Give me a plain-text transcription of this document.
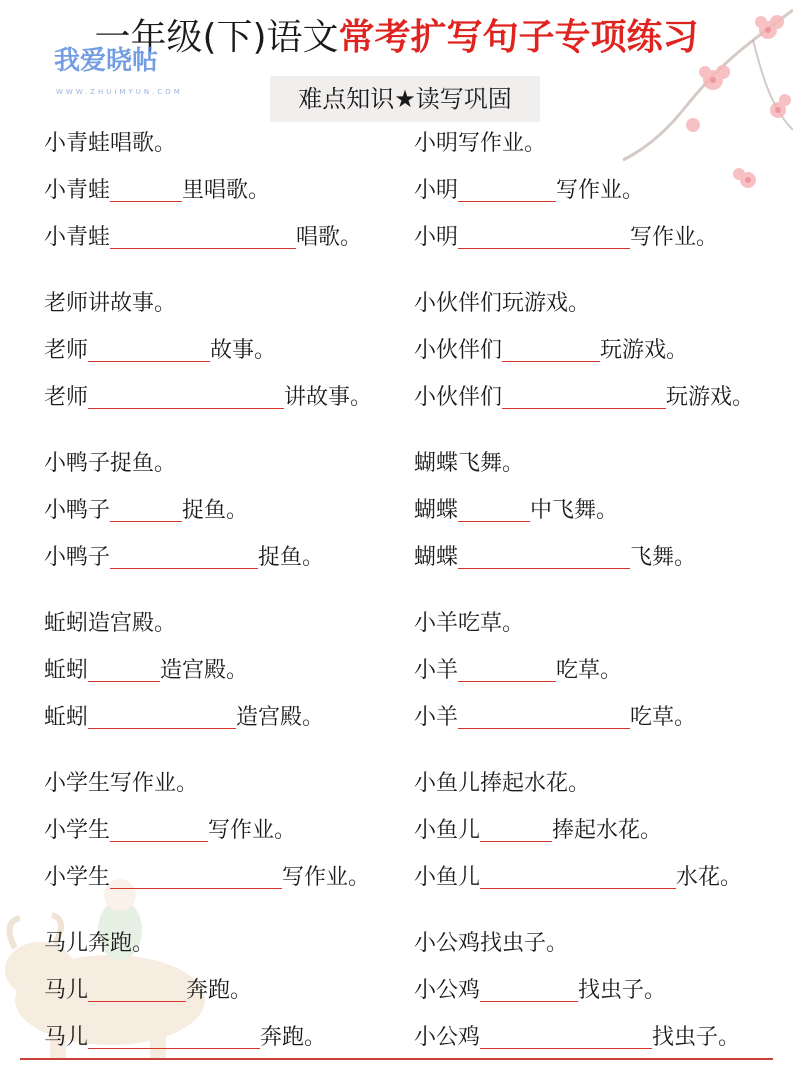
一年级(下)语文常考扩写句子专项练习
我爱晓帖
WWW.ZHUIMYUN.COM	难点知识★读写巩固
小青蛙唱歌。
小青蛙	里唱歌。
小青蛙	唱歌。
老师讲故事。
老师	故事。
老师	讲故事。
小鸭子捉鱼。
小鸭子	捉鱼。
小鸭子	捉鱼。
蚯蚓造宫殿。
蚯蚓	造宫殿。
蚯蚓	造宫殿。
小学生写作业。
小学生	写作业。
小学生	写作业。
马儿奔跑。
马儿	奔跑。
马儿	奔跑。
小明写作业。
小明	写作业。
小明	写作业。
小伙伴们玩游戏。
小伙伴们	玩游戏。
小伙伴们	玩游戏。
蝴蝶飞舞。
蝴蝶	中飞舞。
蝴蝶	飞舞。
小羊吃草。
小羊	吃草。
小羊	吃草。
小鱼儿捧起水花。
小鱼儿	捧起水花。
小鱼儿	水花。
小公鸡找虫子。
小公鸡	找虫子。
小公鸡	找虫子。
